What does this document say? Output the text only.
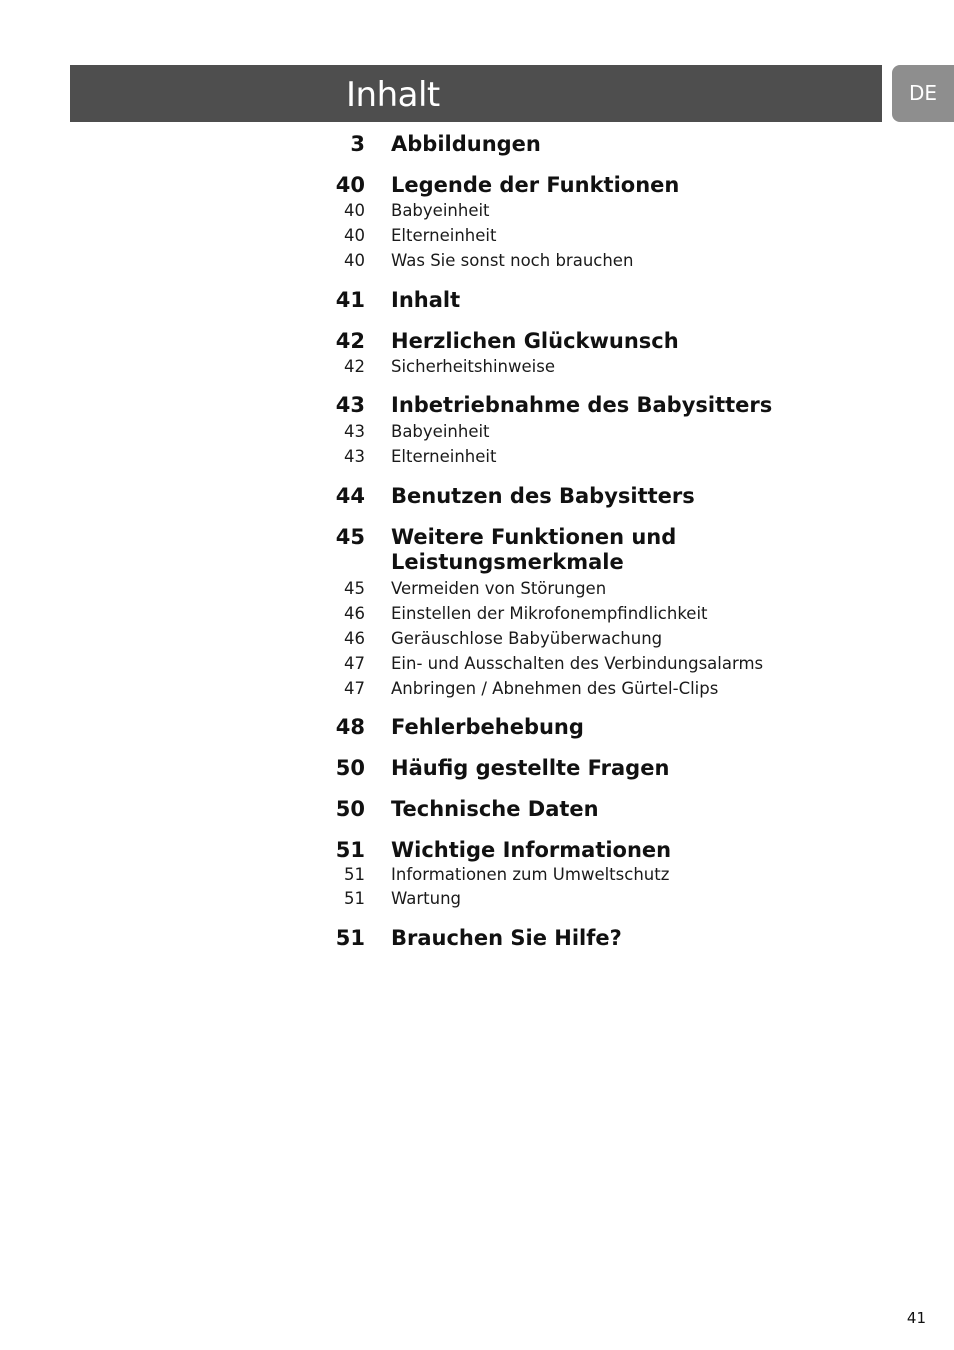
Inhalt	DE
3 Abbildungen
40 Legende der Funktionen
40 Babyeinheit
40 Elterneinheit
40 Was Sie sonst noch brauchen
41 Inhalt
42 Herzlichen Glückwunsch
42 Sicherheitshinweise
43 Inbetriebnahme des Babysitters
43 Babyeinheit
43 Elterneinheit
44 Benutzen des Babysitters
45 Weitere Funktionen und
Leistungsmerkmale
45 Vermeiden von Störungen
46 Einstellen der Mikrofonempfindlichkeit
46 Geräuschlose Babyüberwachung
47 Ein- und Ausschalten des Verbindungsalarms
47 Anbringen / Abnehmen des Gürtel-Clips
48 Fehlerbehebung
50 Häufig gestellte Fragen
50 Technische Daten
51 Wichtige Informationen
51 Informationen zum Umweltschutz
51 Wartung
51 Brauchen Sie Hilfe?
41
